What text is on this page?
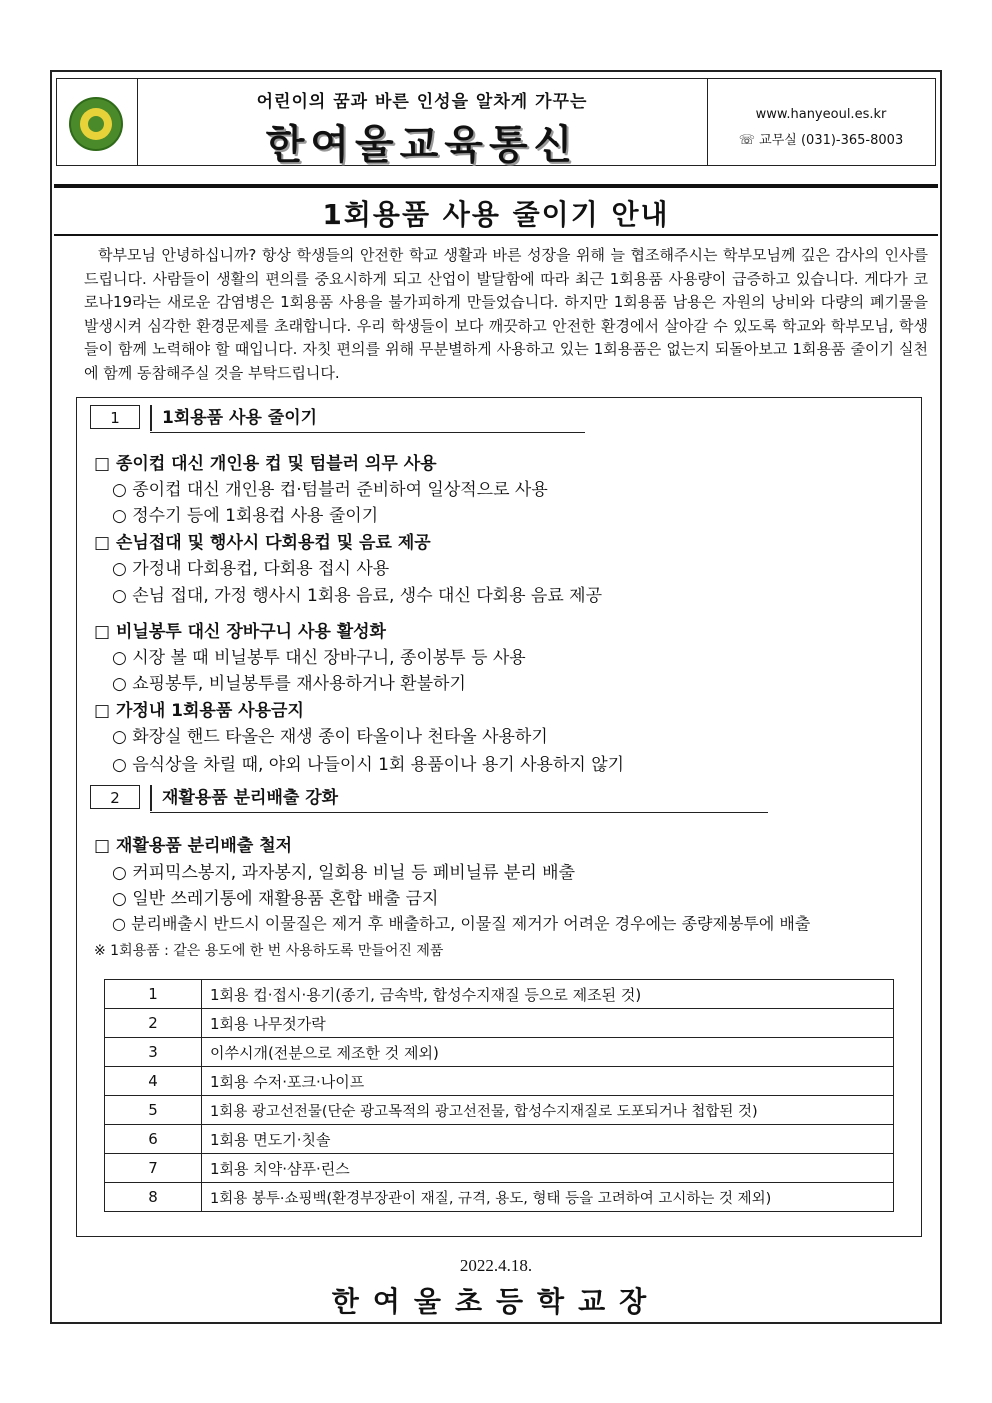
어린이의 꿈과 바른 인성을 알차게 가꾸는
한여울교육통신
www.hanyeoul.es.kr
☏ 교무실 (031)-365-8003
1회용품 사용 줄이기 안내
학부모님 안녕하십니까? 항상 학생들의 안전한 학교 생활과 바른 성장을 위해 늘 협조해주시는 학부모님께 깊은 감사의 인사를 드립니다. 사람들이 생활의 편의를 중요시하게 되고 산업이 발달함에 따라 최근 1회용품 사용량이 급증하고 있습니다. 게다가 코로나19라는 새로운 감염병은 1회용품 사용을 불가피하게 만들었습니다. 하지만 1회용품 남용은 자원의 낭비와 다량의 폐기물을 발생시켜 심각한 환경문제를 초래합니다. 우리 학생들이 보다 깨끗하고 안전한 환경에서 살아갈 수 있도록 학교와 학부모님, 학생들이 함께 노력해야 할 때입니다. 자칫 편의를 위해 무분별하게 사용하고 있는 1회용품은 없는지 되돌아보고 1회용품 줄이기 실천에 함께 동참해주실 것을 부탁드립니다.
1	1회용품 사용 줄이기
□ 종이컵 대신 개인용 컵 및 텀블러 의무 사용
○ 종이컵 대신 개인용 컵·텀블러 준비하여 일상적으로 사용
○ 정수기 등에 1회용컵 사용 줄이기
□ 손님접대 및 행사시 다회용컵 및 음료 제공
○ 가정내 다회용컵, 다회용 접시 사용
○ 손님 접대, 가정 행사시 1회용 음료, 생수 대신 다회용 음료 제공
□ 비닐봉투 대신 장바구니 사용 활성화
○ 시장 볼 때 비닐봉투 대신 장바구니, 종이봉투 등 사용
○ 쇼핑봉투, 비닐봉투를 재사용하거나 환불하기
□ 가정내 1회용품 사용금지
○ 화장실 핸드 타올은 재생 종이 타올이나 천타올 사용하기
○ 음식상을 차릴 때, 야외 나들이시 1회 용품이나 용기 사용하지 않기
2	재활용품 분리배출 강화
□ 재활용품 분리배출 철저
○ 커피믹스봉지, 과자봉지, 일회용 비닐 등 페비닐류 분리 배출
○ 일반 쓰레기통에 재활용품 혼합 배출 금지
○ 분리배출시 반드시 이물질은 제거 후 배출하고, 이물질 제거가 어려운 경우에는 종량제봉투에 배출
※ 1회용품 : 같은 용도에 한 번 사용하도록 만들어진 제품
1	1회용 컵·접시·용기(종기, 금속박, 합성수지재질 등으로 제조된 것)
2	1회용 나무젓가락
3	이쑤시개(전분으로 제조한 것 제외)
4	1회용 수저·포크·나이프
5	1회용 광고선전물(단순 광고목적의 광고선전물, 합성수지재질로 도포되거나 첩합된 것)
6	1회용 면도기·칫솔
7	1회용 치약·샴푸·린스
8	1회용 봉투·쇼핑백(환경부장관이 재질, 규격, 용도, 형태 등을 고려하여 고시하는 것 제외)
2022.4.18.
한여울초등학교장
